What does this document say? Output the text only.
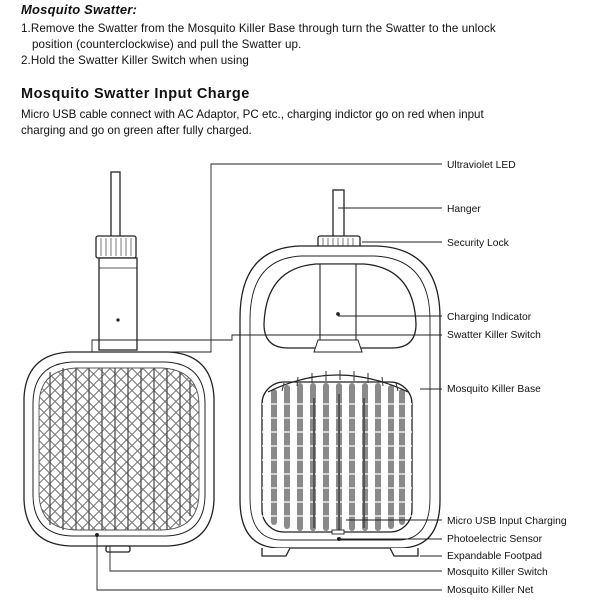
Mosquito Swatter:
1.Remove the Swatter from the Mosquito Killer Base through turn the Swatter to the unlock
position (counterclockwise) and pull the Swatter up.
2.Hold the Swatter Killer Switch when using
Mosquito Swatter Input Charge
Micro USB cable connect with AC Adaptor, PC etc., charging indictor go on red when input
charging and go on green after fully charged.
Ultraviolet LED
Hanger
Security Lock
Charging Indicator
Swatter Killer Switch
Mosquito Killer Base
Micro USB Input Charging
Photoelectric Sensor
Expandable Footpad
Mosquito Killer Switch
Mosquito Killer Net
